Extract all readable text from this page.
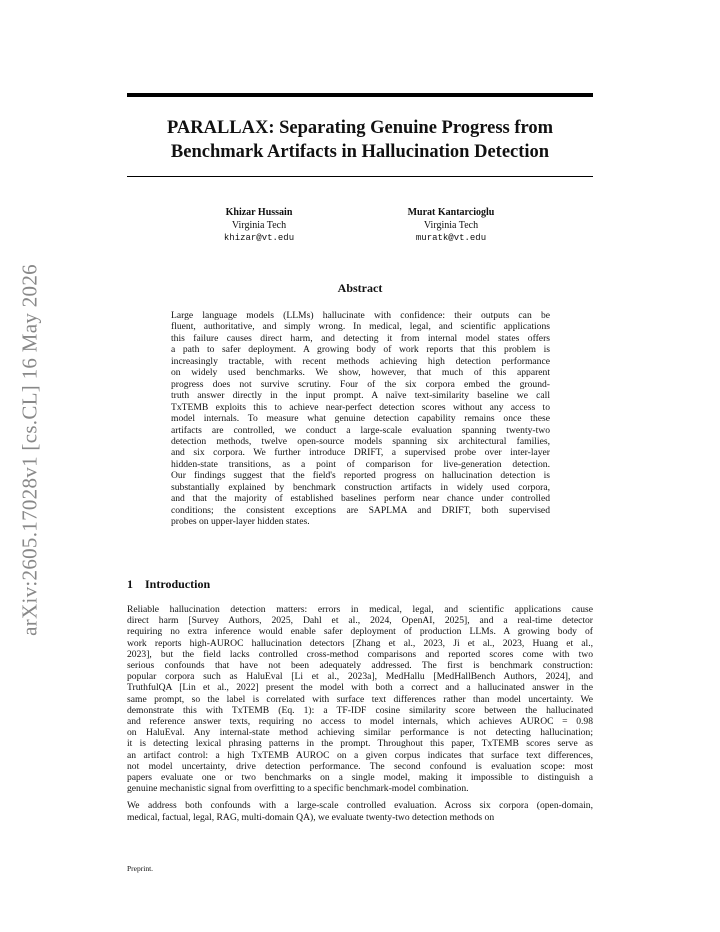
arXiv:2605.17028v1 [cs.CL] 16 May 2026
PARALLAX: Separating Genuine Progress from
Benchmark Artifacts in Hallucination Detection
Khizar Hussain
Virginia Tech
khizar@vt.edu
Murat Kantarcioglu
Virginia Tech
muratk@vt.edu
Abstract
Large language models (LLMs) hallucinate with confidence: their outputs can be
fluent, authoritative, and simply wrong. In medical, legal, and scientific applications
this failure causes direct harm, and detecting it from internal model states offers
a path to safer deployment. A growing body of work reports that this problem is
increasingly tractable, with recent methods achieving high detection performance
on widely used benchmarks. We show, however, that much of this apparent
progress does not survive scrutiny. Four of the six corpora embed the ground-
truth answer directly in the input prompt. A naïve text-similarity baseline we call
TxTEMB exploits this to achieve near-perfect detection scores without any access to
model internals. To measure what genuine detection capability remains once these
artifacts are controlled, we conduct a large-scale evaluation spanning twenty-two
detection methods, twelve open-source models spanning six architectural families,
and six corpora. We further introduce DRIFT, a supervised probe over inter-layer
hidden-state transitions, as a point of comparison for live-generation detection.
Our findings suggest that the field's reported progress on hallucination detection is
substantially explained by benchmark construction artifacts in widely used corpora,
and that the majority of established baselines perform near chance under controlled
conditions; the consistent exceptions are SAPLMA and DRIFT, both supervised
probes on upper-layer hidden states.
1 Introduction
Reliable hallucination detection matters: errors in medical, legal, and scientific applications cause
direct harm [Survey Authors, 2025, Dahl et al., 2024, OpenAI, 2025], and a real-time detector
requiring no extra inference would enable safer deployment of production LLMs. A growing body of
work reports high-AUROC hallucination detectors [Zhang et al., 2023, Ji et al., 2023, Huang et al.,
2023], but the field lacks controlled cross-method comparisons and reported scores come with two
serious confounds that have not been adequately addressed. The first is benchmark construction:
popular corpora such as HaluEval [Li et al., 2023a], MedHallu [MedHallBench Authors, 2024], and
TruthfulQA [Lin et al., 2022] present the model with both a correct and a hallucinated answer in the
same prompt, so the label is correlated with surface text differences rather than model uncertainty. We
demonstrate this with TxTEMB (Eq. 1): a TF-IDF cosine similarity score between the hallucinated
and reference answer texts, requiring no access to model internals, which achieves AUROC = 0.98
on HaluEval. Any internal-state method achieving similar performance is not detecting hallucination;
it is detecting lexical phrasing patterns in the prompt. Throughout this paper, TxTEMB scores serve as
an artifact control: a high TxTEMB AUROC on a given corpus indicates that surface text differences,
not model uncertainty, drive detection performance. The second confound is evaluation scope: most
papers evaluate one or two benchmarks on a single model, making it impossible to distinguish a
genuine mechanistic signal from overfitting to a specific benchmark-model combination.
We address both confounds with a large-scale controlled evaluation. Across six corpora (open-domain,
medical, factual, legal, RAG, multi-domain QA), we evaluate twenty-two detection methods on
Preprint.
